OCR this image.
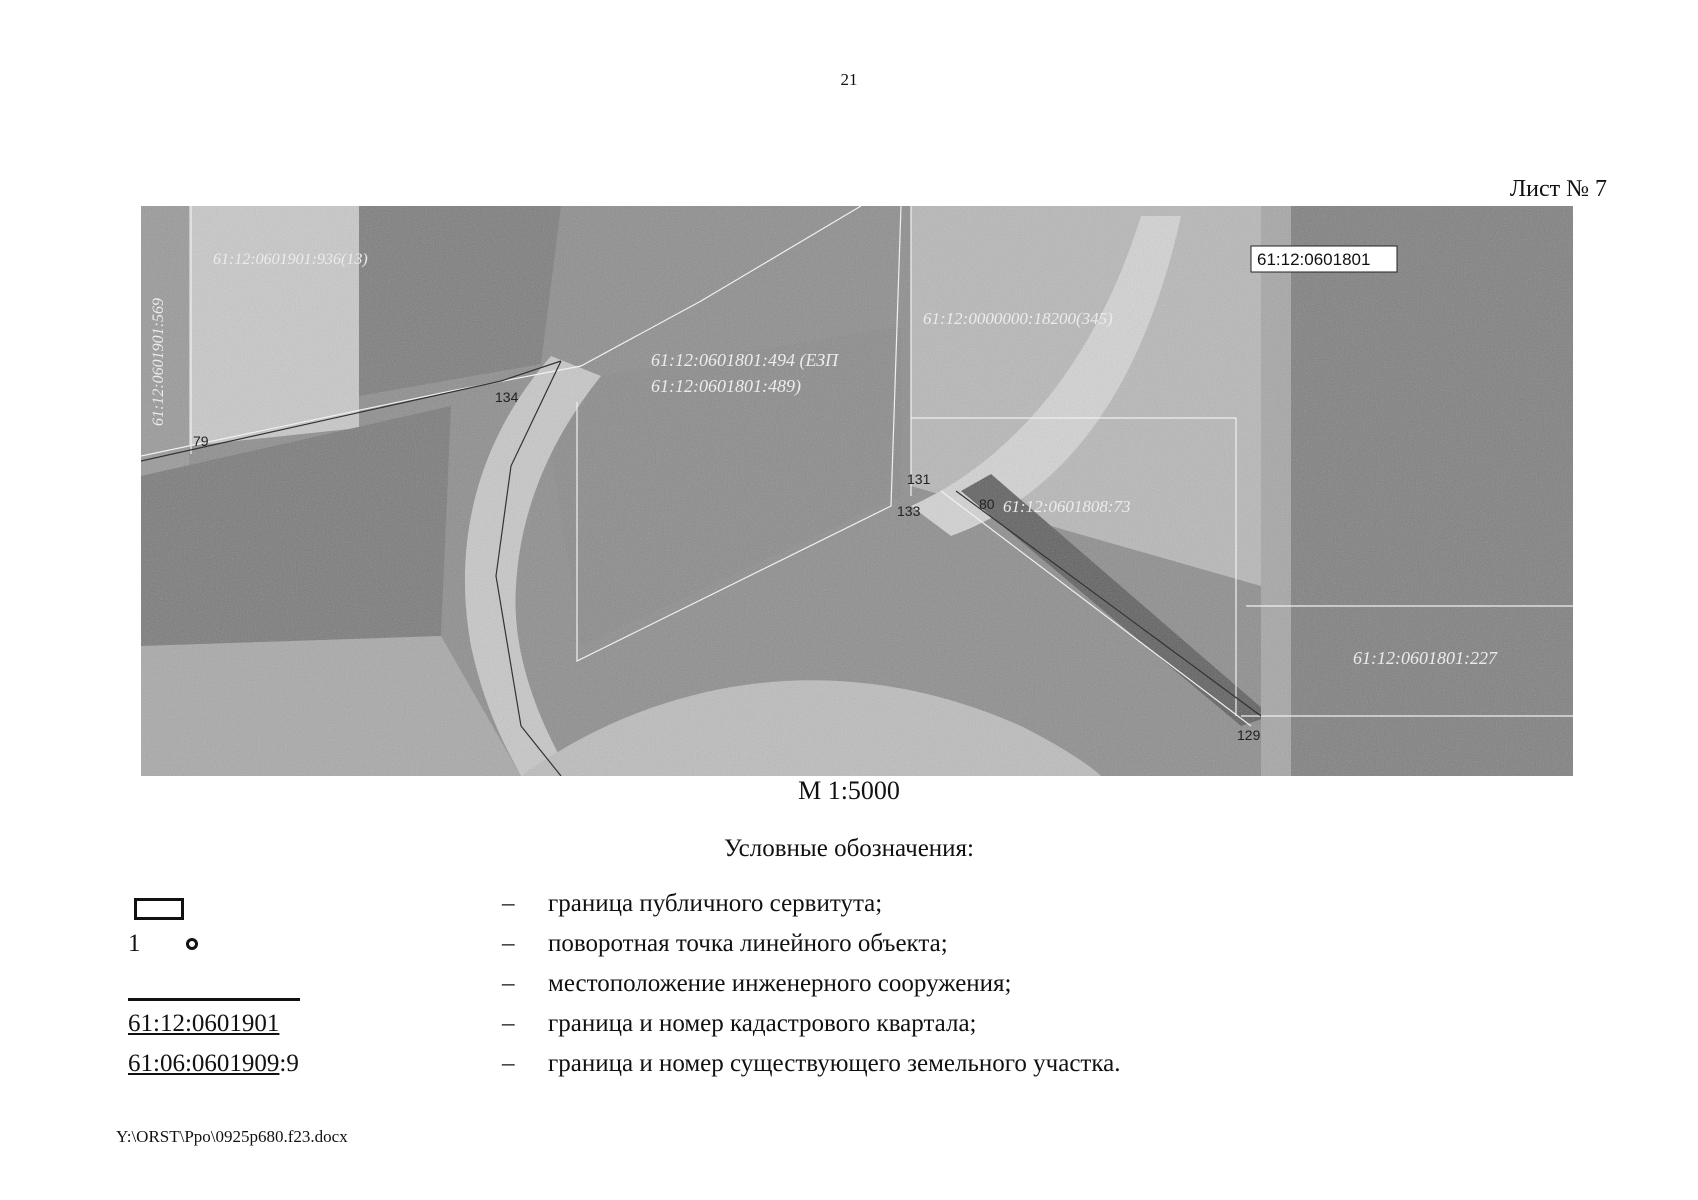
21
Лист № 7
61:12:0601901:569
61:12:0601901:936(13)
61:12:0601801:494 (ЕЗП
61:12:0601801:489)
61:12:0000000:18200(345)
61:12:0601808:73
61:12:0601801:227
134
133
129
79
131
80
61:12:0601801
М 1:5000
Условные обозначения:
– граница публичного сервитута;
1	– поворотная точка линейного объекта;
– местоположение инженерного сооружения;
61:12:0601901	– граница и номер кадастрового квартала;
61:06:0601909:9	– граница и номер существующего земельного участка.
Y:\ORST\Ppo\0925p680.f23.docx
